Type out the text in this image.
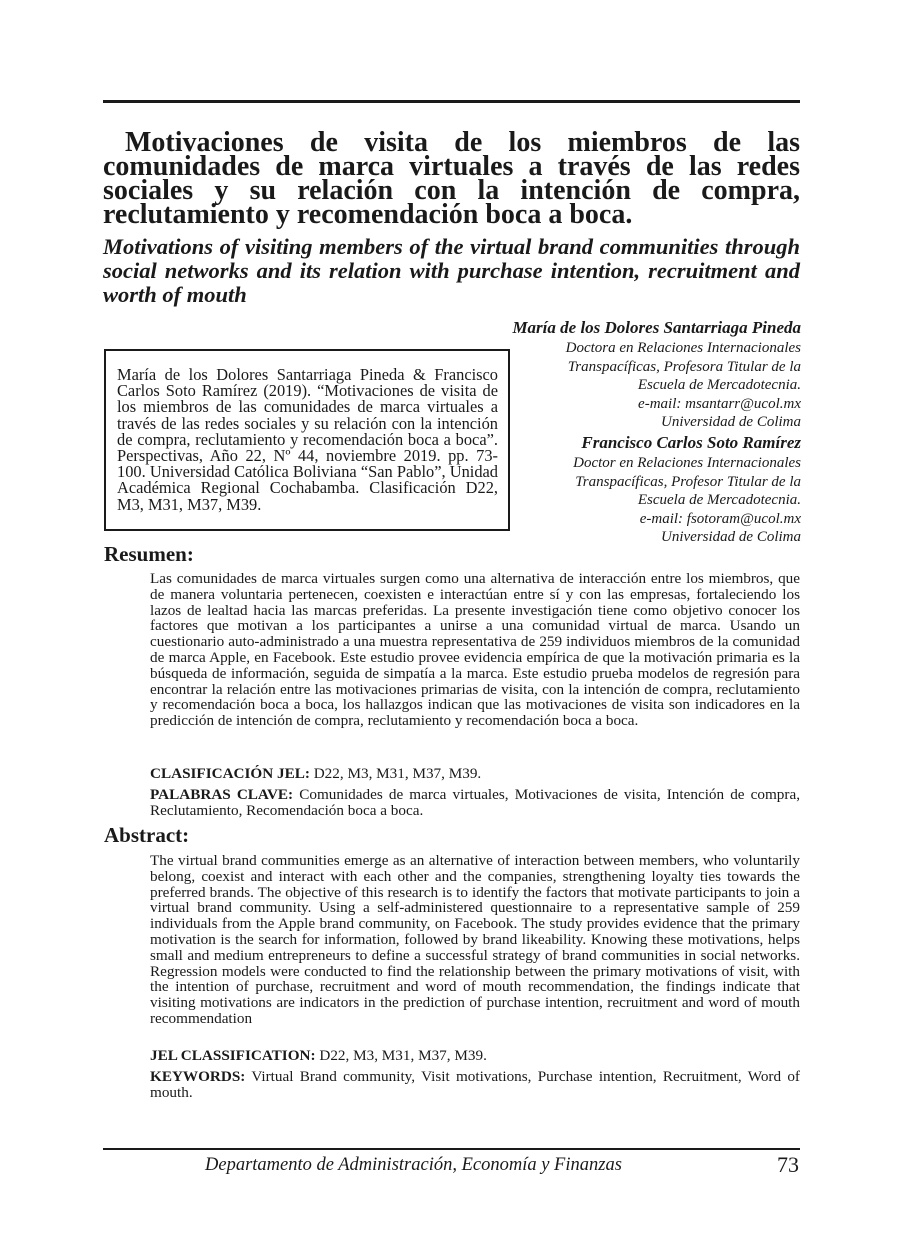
Motivaciones de visita de los miembros de las comunidades de marca virtuales a través de las redes sociales y su relación con la intención de compra, reclutamiento y recomendación boca a boca.
Motivations of visiting members of the virtual brand communities through social networks and its relation with purchase intention, recruitment and worth of mouth
María de los Dolores Santarriaga Pineda & Francisco Carlos Soto Ramírez (2019). “Motivaciones de visita de los miembros de las comunidades de marca virtuales a través de las redes sociales y su relación con la intención de compra, reclutamiento y recomendación boca a boca”. Perspectivas, Año 22, Nº 44, noviembre 2019. pp. 73-100. Universidad Católica Boliviana “San Pablo”, Unidad Académica Regional Cochabamba. Clasificación D22, M3, M31, M37, M39.
María de los Dolores Santarriaga Pineda
Doctora en Relaciones Internacionales
Transpacíficas, Profesora Titular de la
Escuela de Mercadotecnia.
e-mail: msantarr@ucol.mx
Universidad de Colima
Francisco Carlos Soto Ramírez
Doctor en Relaciones Internacionales
Transpacíficas, Profesor Titular de la
Escuela de Mercadotecnia.
e-mail: fsotoram@ucol.mx
Universidad de Colima
Resumen:

Las comunidades de marca virtuales surgen como una alternativa de interacción entre los miembros, que de manera voluntaria pertenecen, coexisten e interactúan entre sí y con las empresas, fortaleciendo los lazos de lealtad hacia las marcas preferidas. La presente investigación tiene como objetivo conocer los factores que motivan a los participantes a unirse a una comunidad virtual de marca. Usando un cuestionario auto-administrado a una muestra representativa de 259 individuos miembros de la comunidad de marca Apple, en Facebook. Este estudio provee evidencia empírica de que la motivación primaria es la búsqueda de información, seguida de simpatía a la marca. Este estudio prueba modelos de regresión para encontrar la relación entre las motivaciones primarias de visita, con la intención de compra, reclutamiento y recomendación boca a boca, los hallazgos indican que las motivaciones de visita son indicadores en la predicción de intención de compra, reclutamiento y recomendación boca a boca.

CLASIFICACIÓN JEL: D22, M3, M31, M37, M39.

PALABRAS CLAVE: Comunidades de marca virtuales, Motivaciones de visita, Intención de compra, Reclutamiento, Recomendación boca a boca.

Abstract:

The virtual brand communities emerge as an alternative of interaction between members, who voluntarily belong, coexist and interact with each other and the companies, strengthening loyalty ties towards the preferred brands. The objective of this research is to identify the factors that motivate participants to join a virtual brand community. Using a self-administered questionnaire to a representative sample of 259 individuals from the Apple brand community, on Facebook. The study provides evidence that the primary motivation is the search for information, followed by brand likeability. Knowing these motivations, helps small and medium entrepreneurs to define a successful strategy of brand communities in social networks. Regression models were conducted to find the relationship between the primary motivations of visit, with the intention of purchase, recruitment and word of mouth recommendation, the findings indicate that visiting motivations are indicators in the prediction of purchase intention, recruitment and word of mouth recommendation

JEL CLASSIFICATION: D22, M3, M31, M37, M39.

KEYWORDS: Virtual Brand community, Visit motivations, Purchase intention, Recruitment, Word of mouth.

Departamento de Administración, Economía y Finanzas	73
